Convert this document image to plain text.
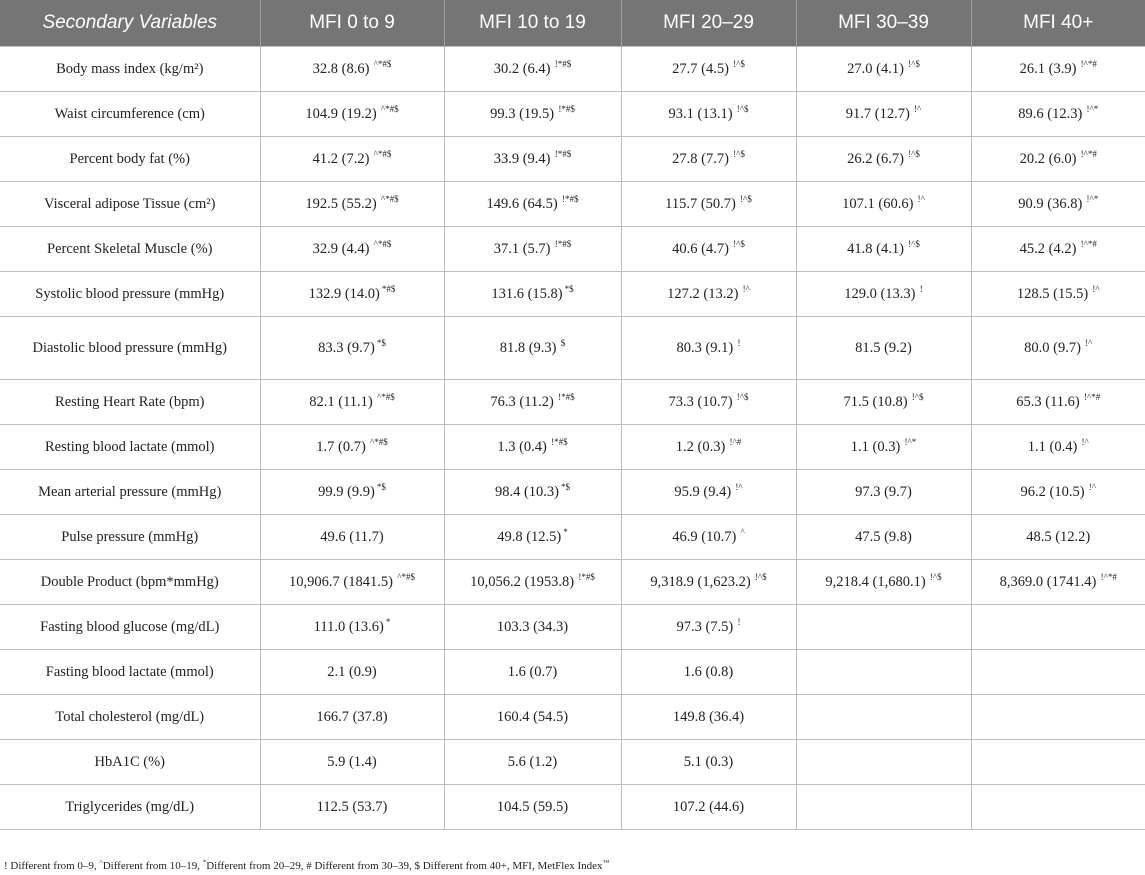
Secondary Variables	MFI 0 to 9	MFI 10 to 19	MFI 20–29	MFI 30–39	MFI 40+
Body mass index (kg/m²)	32.8 (8.6) ^*#$	30.2 (6.4) !*#$	27.7 (4.5) !^$	27.0 (4.1) !^$	26.1 (3.9) !^*#
Waist circumference (cm)	104.9 (19.2) ^*#$	99.3 (19.5) !*#$	93.1 (13.1) !^$	91.7 (12.7) !^	89.6 (12.3) !^*
Percent body fat (%)	41.2 (7.2) ^*#$	33.9 (9.4) !*#$	27.8 (7.7) !^$	26.2 (6.7) !^$	20.2 (6.0) !^*#
Visceral adipose Tissue (cm²)	192.5 (55.2) ^*#$	149.6 (64.5) !*#$	115.7 (50.7) !^$	107.1 (60.6) !^	90.9 (36.8) !^*
Percent Skeletal Muscle (%)	32.9 (4.4) ^*#$	37.1 (5.7) !*#$	40.6 (4.7) !^$	41.8 (4.1) !^$	45.2 (4.2) !^*#
Systolic blood pressure (mmHg)	132.9 (14.0) *#$	131.6 (15.8) *$	127.2 (13.2) !^	129.0 (13.3) !	128.5 (15.5) !^
Diastolic blood pressure (mmHg)	83.3 (9.7) *$	81.8 (9.3) $	80.3 (9.1) !	81.5 (9.2)	80.0 (9.7) !^
Resting Heart Rate (bpm)	82.1 (11.1) ^*#$	76.3 (11.2) !*#$	73.3 (10.7) !^$	71.5 (10.8) !^$	65.3 (11.6) !^*#
Resting blood lactate (mmol)	1.7 (0.7) ^*#$	1.3 (0.4) !*#$	1.2 (0.3) !^#	1.1 (0.3) !^*	1.1 (0.4) !^
Mean arterial pressure (mmHg)	99.9 (9.9) *$	98.4 (10.3) *$	95.9 (9.4) !^	97.3 (9.7)	96.2 (10.5) !^
Pulse pressure (mmHg)	49.6 (11.7)	49.8 (12.5) *	46.9 (10.7) ^	47.5 (9.8)	48.5 (12.2)
Double Product (bpm*mmHg)	10,906.7 (1841.5) ^*#$	10,056.2 (1953.8) !*#$	9,318.9 (1,623.2) !^$	9,218.4 (1,680.1) !^$	8,369.0 (1741.4) !^*#
Fasting blood glucose (mg/dL)	111.0 (13.6) *	103.3 (34.3)	97.3 (7.5) !		
Fasting blood lactate (mmol)	2.1 (0.9)	1.6 (0.7)	1.6 (0.8)		
Total cholesterol (mg/dL)	166.7 (37.8)	160.4 (54.5)	149.8 (36.4)		
HbA1C (%)	5.9 (1.4)	5.6 (1.2)	5.1 (0.3)		
Triglycerides (mg/dL)	112.5 (53.7)	104.5 (59.5)	107.2 (44.6)		
! Different from 0–9, ^Different from 10–19, *Different from 20–29, # Different from 30–39, $ Different from 40+, MFI, MetFlex Index™
